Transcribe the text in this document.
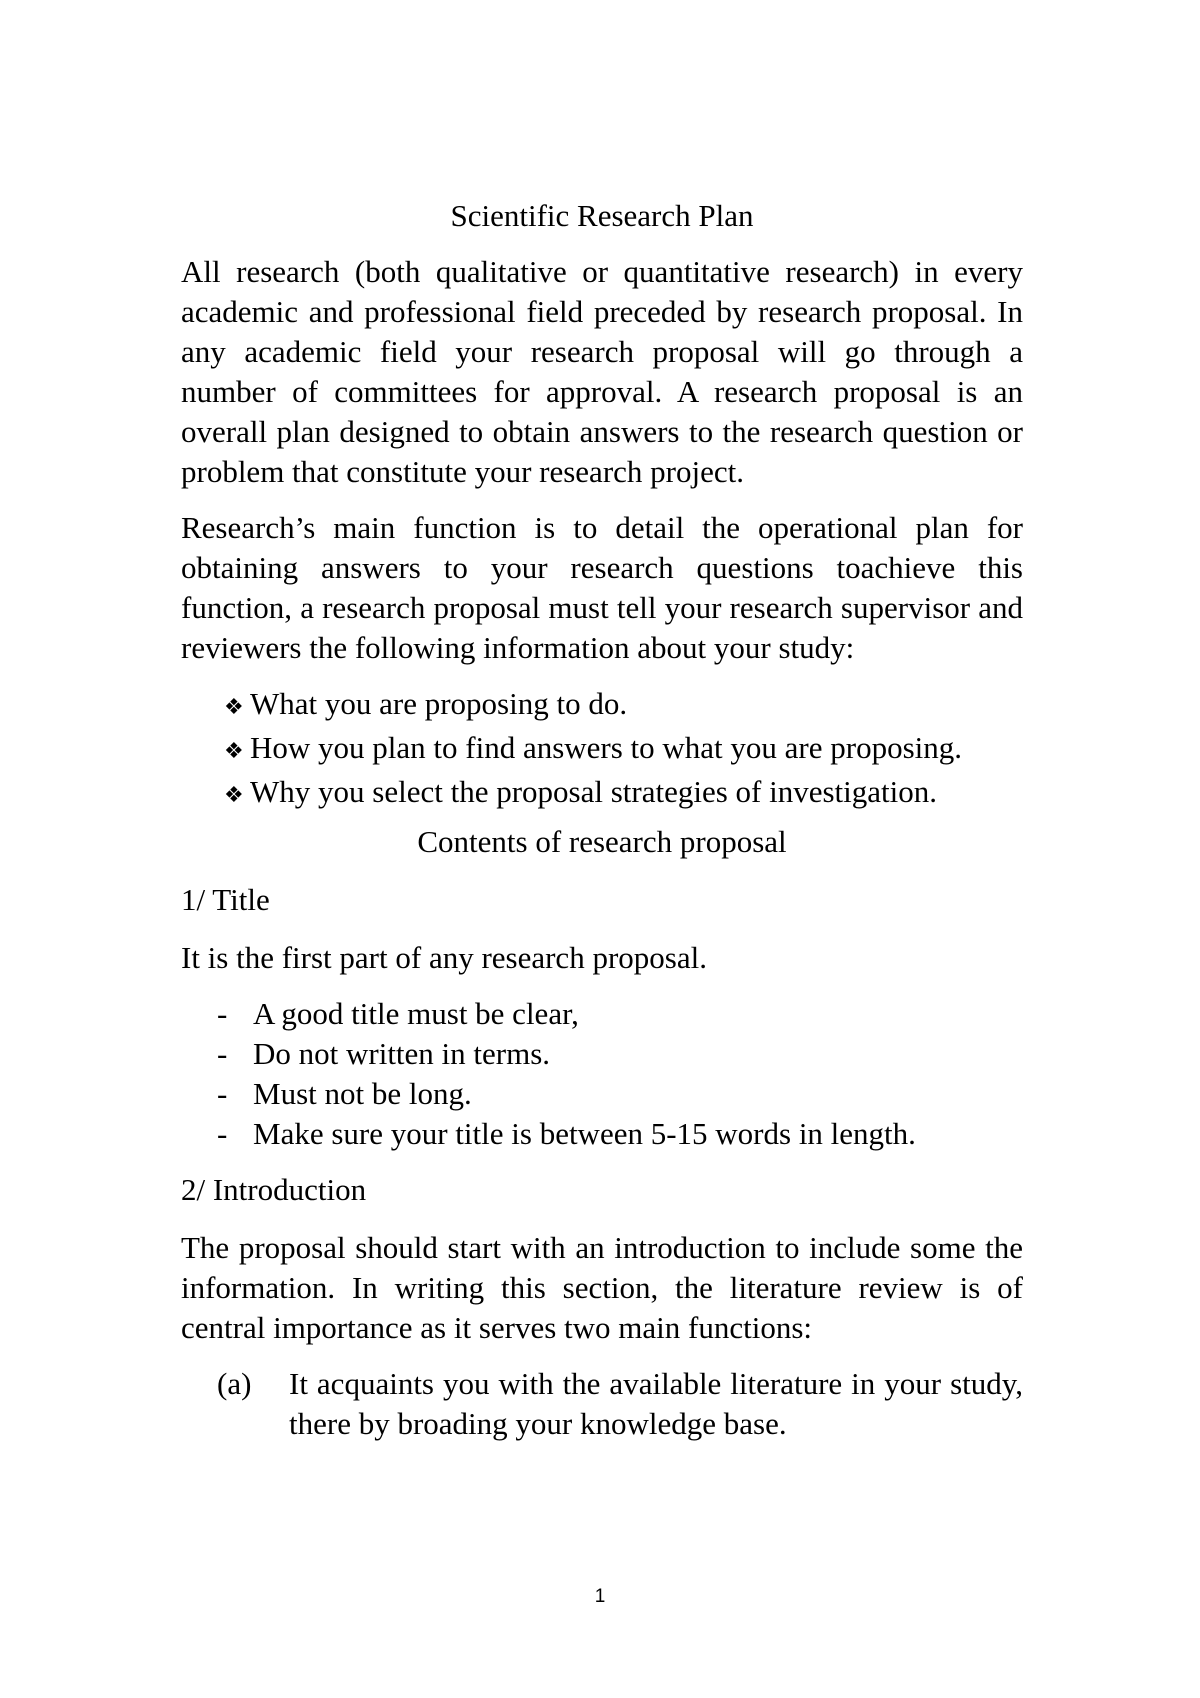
Scientific Research Plan

All research (both qualitative or quantitative research) in every academic and professional field preceded by research proposal. In any academic field your research proposal will go through a number of committees for approval. A research proposal is an overall plan designed to obtain answers to the research question or problem that constitute your research project.

Research’s main function is to detail the operational plan for obtaining answers to your research questions toachieve this function, a research proposal must tell your research supervisor and reviewers the following information about your study:

❖ What you are proposing to do.
❖ How you plan to find answers to what you are proposing.
❖ Why you select the proposal strategies of investigation.
Contents of research proposal
1/ Title

It is the first part of any research proposal.

- A good title must be clear,
- Do not written in terms.
- Must not be long.
- Make sure your title is between 5-15 words in length.
2/ Introduction

The proposal should start with an introduction to include some the information. In writing this section, the literature review is of central importance as it serves two main functions:

(a)	It acquaints you with the available literature in your study, there by broading your knowledge base.
1
